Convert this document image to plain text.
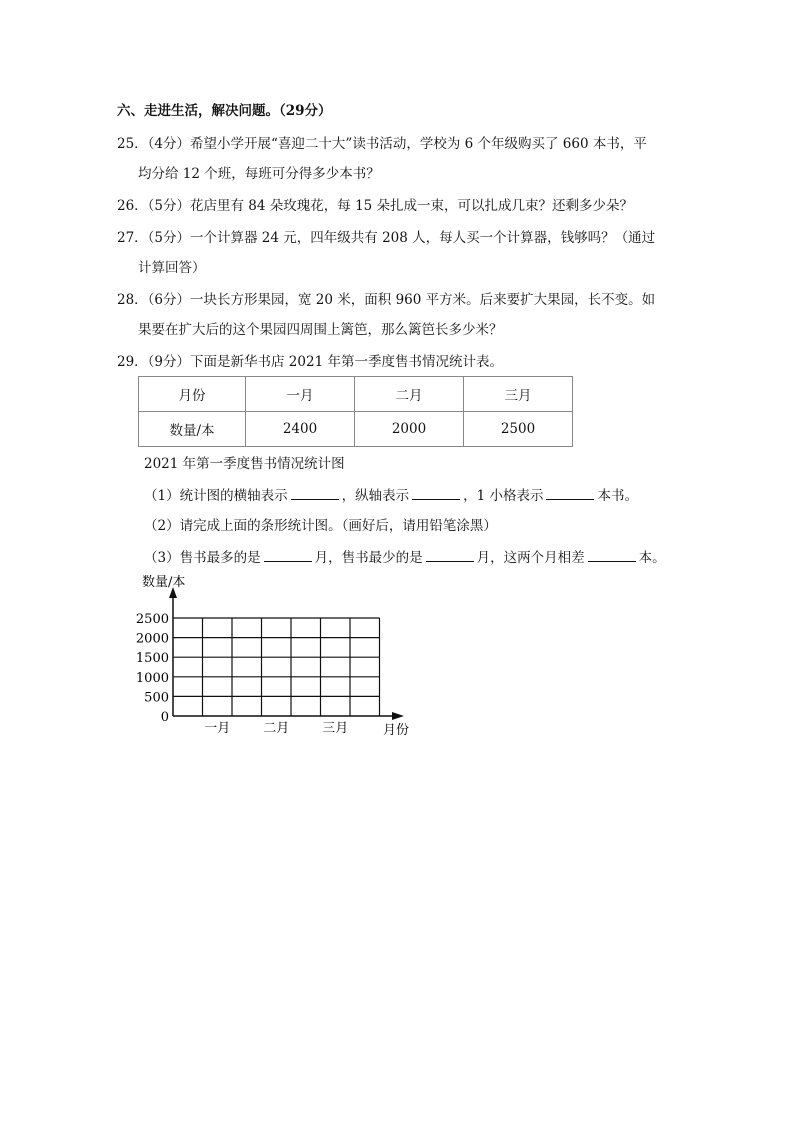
六、走进生活，解决问题。（29分）
25．（4分）希望小学开展“喜迎二十大”读书活动，学校为 6 个年级购买了 660 本书，平
均分给 12 个班，每班可分得多少本书？
26．（5分）花店里有 84 朵玫瑰花，每 15 朵扎成一束，可以扎成几束？还剩多少朵？
27．（5分）一个计算器 24 元，四年级共有 208 人，每人买一个计算器，钱够吗？（通过
计算回答）
28．（6分）一块长方形果园，宽 20 米，面积 960 平方米。后来要扩大果园，长不变。如
果要在扩大后的这个果园四周围上篱笆，那么篱笆长多少米？
29．（9分）下面是新华书店 2021 年第一季度售书情况统计表。
月份	一月	二月	三月
数量/本	2400	2000	2500
2021 年第一季度售书情况统计图
（1）统计图的横轴表示	，纵轴表示	，1 小格表示	本书。
（2）请完成上面的条形统计图。（画好后，请用铅笔涂黑）
（3）售书最多的是	月，售书最少的是	月，这两个月相差	本。
0
500
1000
1500
2000
2500
一月	二月	三月
数量/本
月份
